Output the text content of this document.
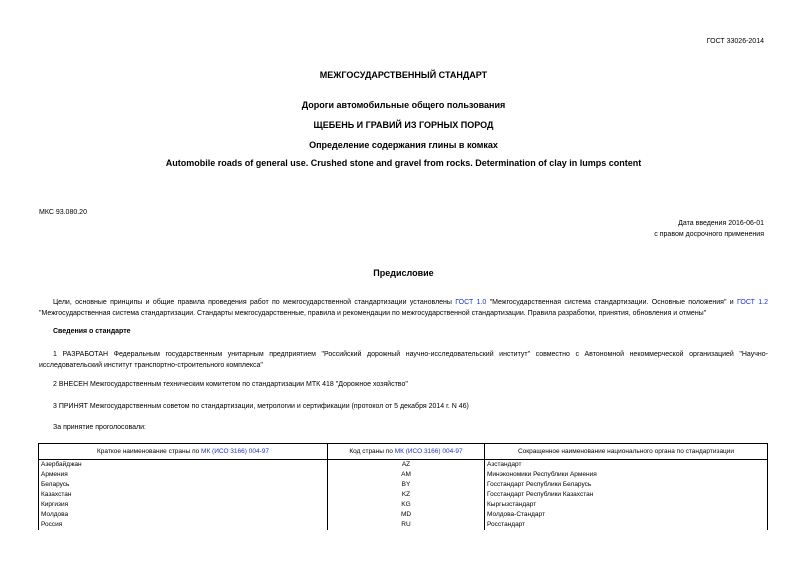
ГОСТ 33026-2014
МЕЖГОСУДАРСТВЕННЫЙ СТАНДАРТ
Дороги автомобильные общего пользования
ЩЕБЕНЬ И ГРАВИЙ ИЗ ГОРНЫХ ПОРОД
Определение содержания глины в комках
Automobile roads of general use. Crushed stone and gravel from rocks. Determination of clay in lumps content
МКС 93.080.20
Дата введения 2016-06-01
с правом досрочного применения
Предисловие
Цели, основные принципы и общие правила проведения работ по межгосударственной стандартизации установлены ГОСТ 1.0 "Межгосударственная система стандартизации. Основные положения" и ГОСТ 1.2 "Межгосударственная система стандартизации. Стандарты межгосударственные, правила и рекомендации по межгосударственной стандартизации. Правила разработки, принятия, обновления и отмены"
Сведения о стандарте
1 РАЗРАБОТАН Федеральным государственным унитарным предприятием "Российский дорожный научно-исследовательский институт" совместно с Автономной некоммерческой организацией "Научно-исследовательский институт транспортно-строительного комплекса"
2 ВНЕСЕН Межгосударственным техническим комитетом по стандартизации МТК 418 "Дорожное хозяйство"
3 ПРИНЯТ Межгосударственным советом по стандартизации, метрологии и сертификации (протокол от 5 декабря 2014 г. N 46)
За принятие проголосовали:
Краткое наименование страны по МК (ИСО 3166) 004-97	Код страны по МК (ИСО 3166) 004-97	Сокращенное наименование национального органа по стандартизации
Азербайджан	AZ	Азстандарт
Армения	AM	Минэкономики Республики Армения
Беларусь	BY	Госстандарт Республики Беларусь
Казахстан	KZ	Госстандарт Республики Казахстан
Киргизия	KG	Кыргызстандарт
Молдова	MD	Молдова-Стандарт
Россия	RU	Росстандарт
